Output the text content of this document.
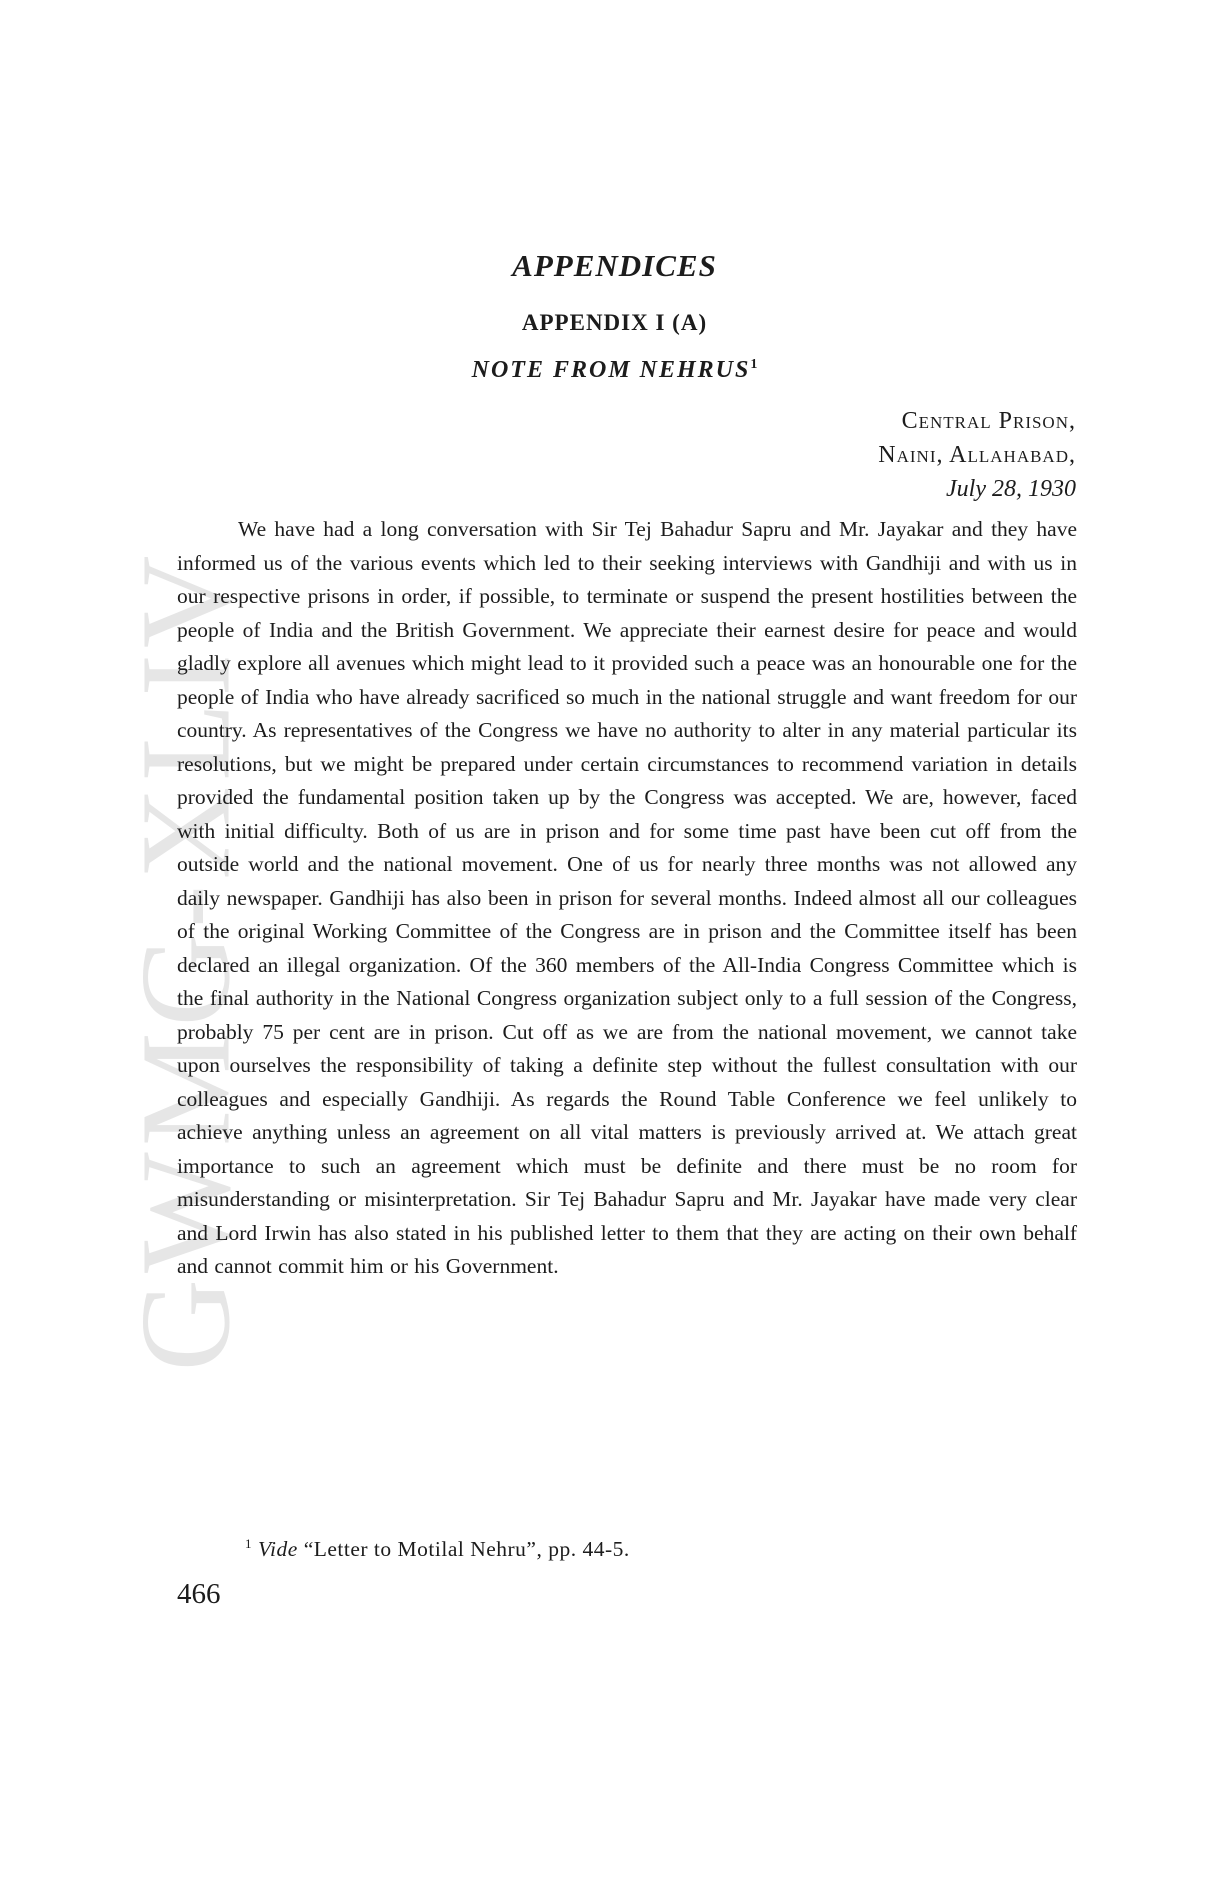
GWMG-XLIV
APPENDICES
APPENDIX I (A)
NOTE FROM NEHRUS$^1$
Central Prison,
Naini, Allahabad,
July 28, 1930

We have had a long conversation with Sir Tej Bahadur Sapru and Mr. Jayakar and they have informed us of the various events which led to their seeking interviews with Gandhiji and with us in our respective prisons in order, if possible, to terminate or suspend the present hostilities between the people of India and the British Government. We appreciate their earnest desire for peace and would gladly explore all avenues which might lead to it provided such a peace was an honourable one for the people of India who have already sacrificed so much in the national struggle and want freedom for our country. As representatives of the Congress we have no authority to alter in any material particular its resolutions, but we might be prepared under certain circumstances to recommend variation in details provided the fundamental position taken up by the Congress was accepted. We are, however, faced with initial difficulty. Both of us are in prison and for some time past have been cut off from the outside world and the national movement. One of us for nearly three months was not allowed any daily newspaper. Gandhiji has also been in prison for several months. Indeed almost all our colleagues of the original Working Committee of the Congress are in prison and the Committee itself has been declared an illegal organization. Of the 360 members of the All-India Congress Committee which is the final authority in the National Congress organization subject only to a full session of the Congress, probably 75 per cent are in prison. Cut off as we are from the national movement, we cannot take upon ourselves the responsibility of taking a definite step without the fullest consultation with our colleagues and especially Gandhiji. As regards the Round Table Conference we feel unlikely to achieve anything unless an agreement on all vital matters is previously arrived at. We attach great importance to such an agreement which must be definite and there must be no room for misunderstanding or misinterpretation. Sir Tej Bahadur Sapru and Mr. Jayakar have made very clear and Lord Irwin has also stated in his published letter to them that they are acting on their own behalf and cannot commit him or his Government.

$^1$ Vide “Letter to Motilal Nehru”, pp. 44-5.

466
